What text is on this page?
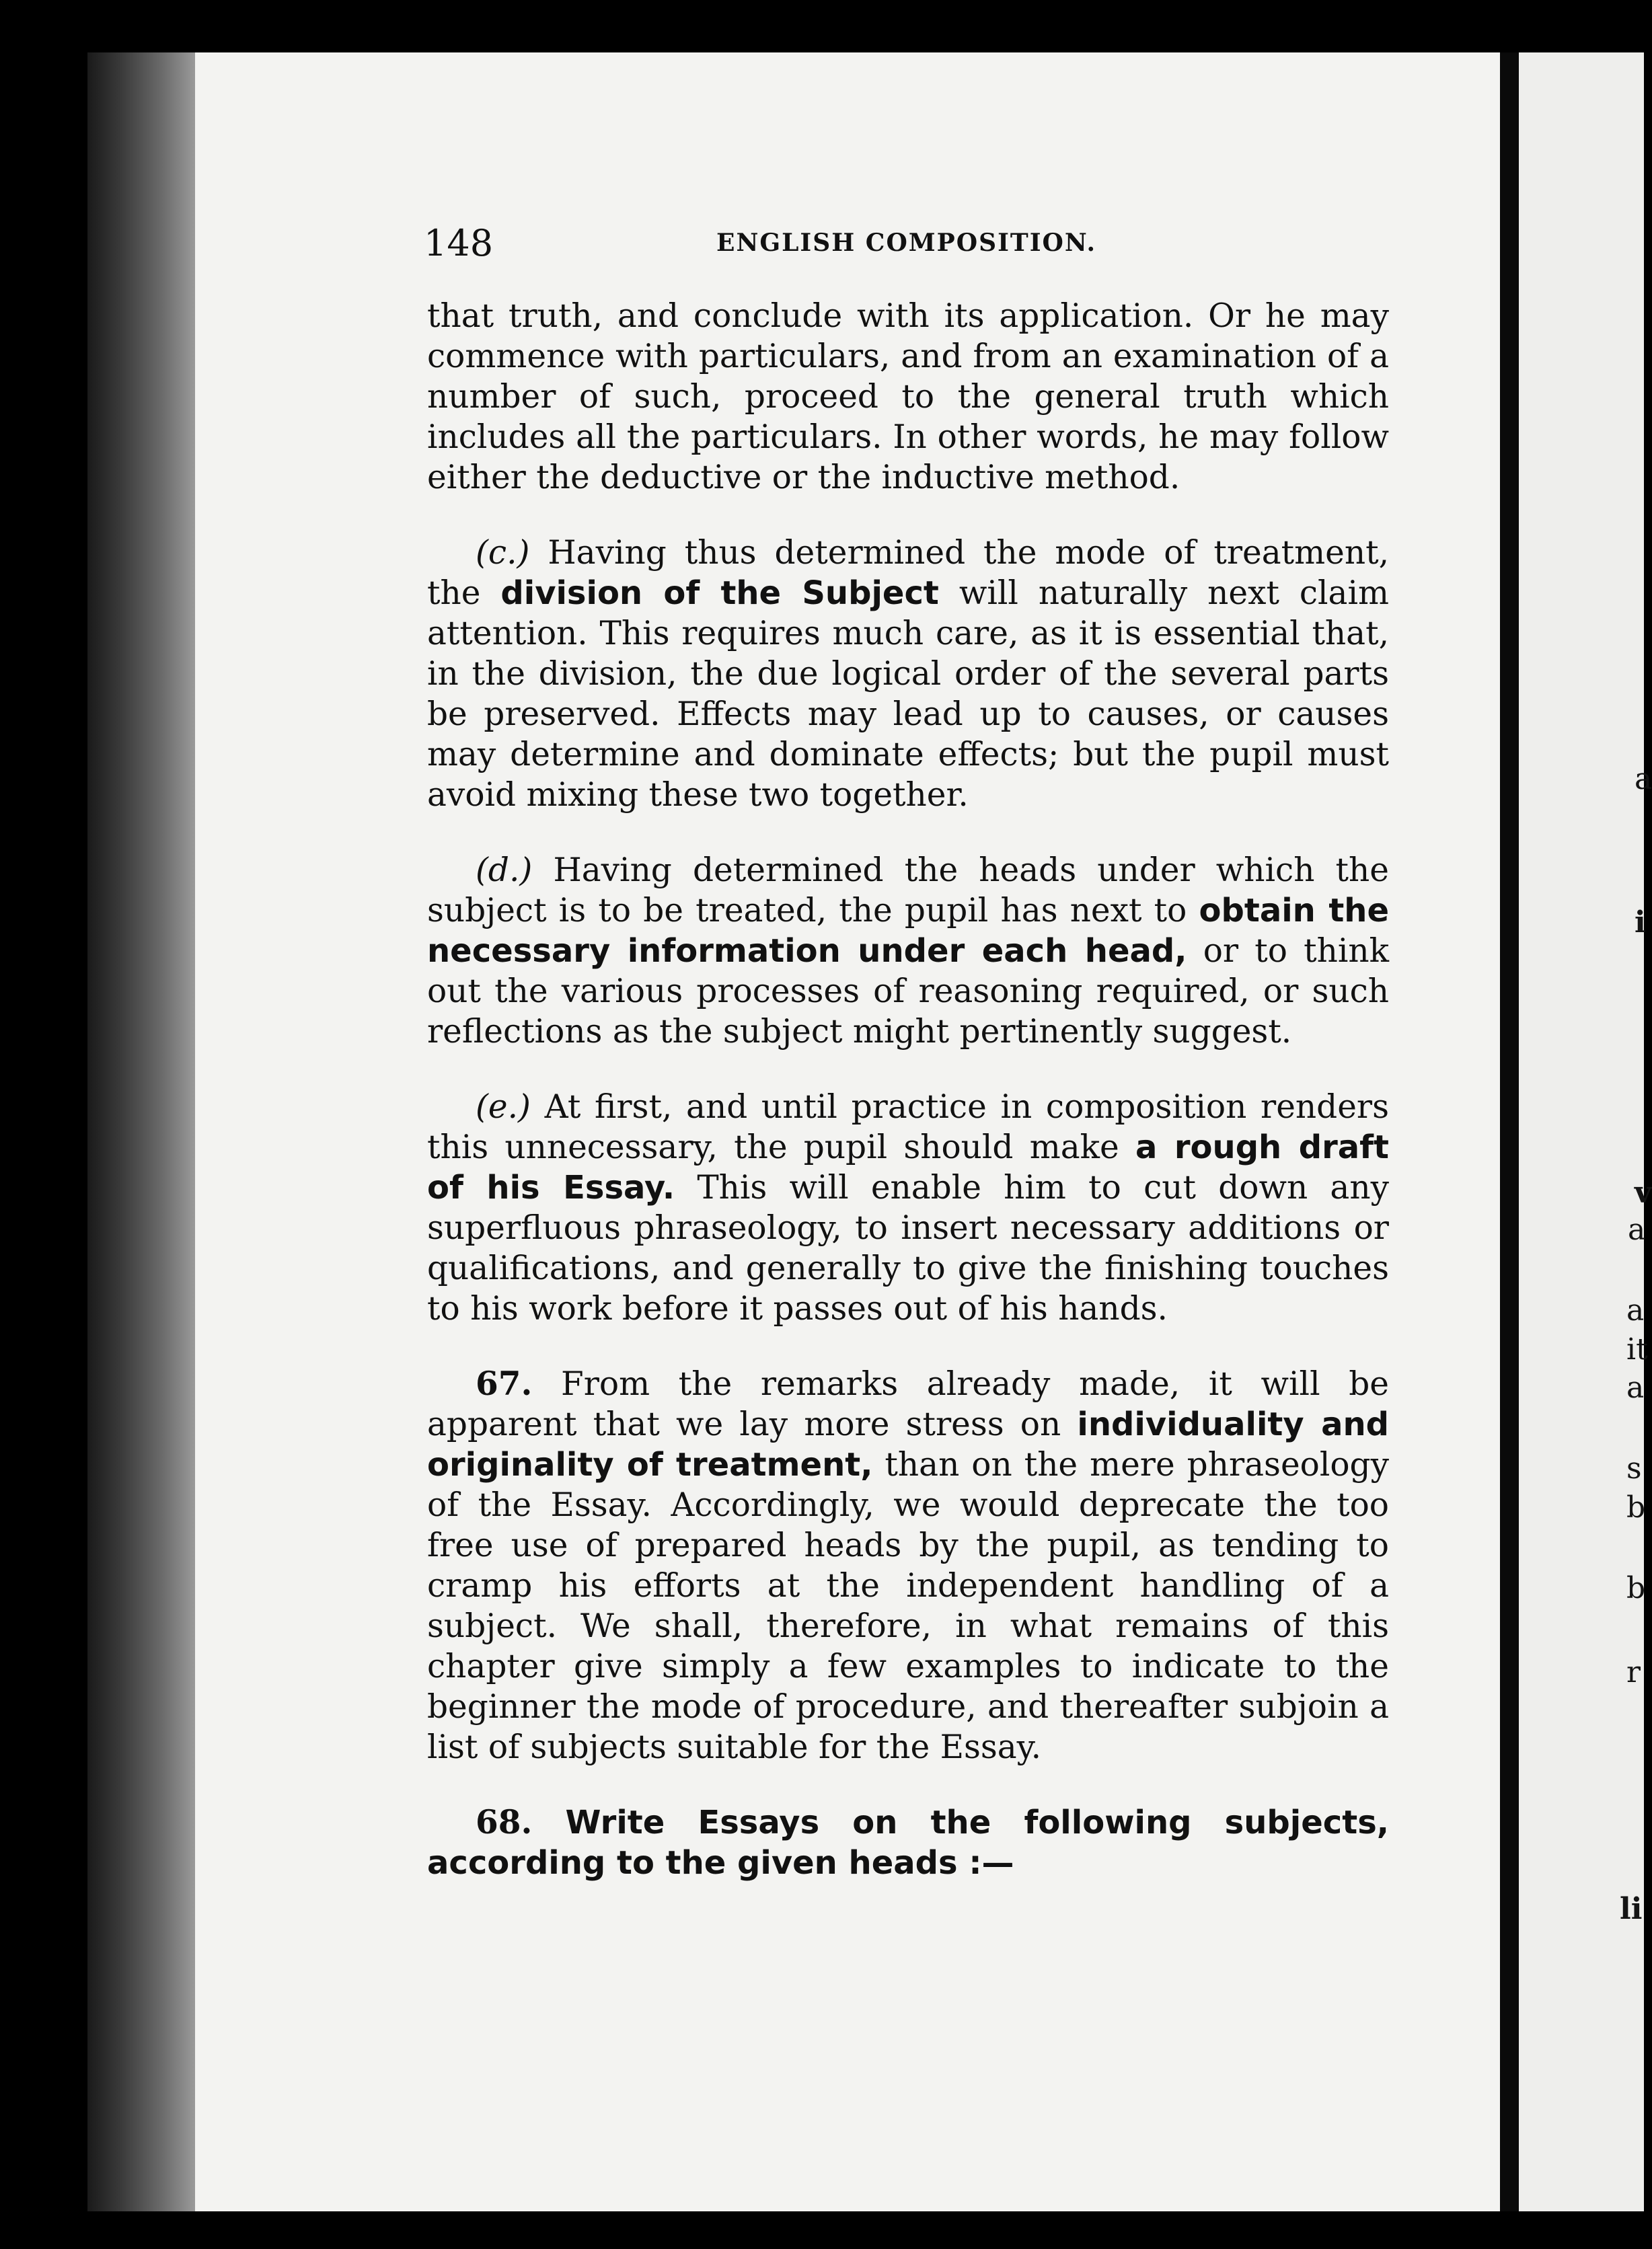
a
i
v
a
a
it
a
s
b
b
r
li
148	ENGLISH COMPOSITION.

that truth, and conclude with its application. Or he may commence with particulars, and from an examination of a number of such, proceed to the general truth which includes all the particulars. In other words, he may follow either the deductive or the inductive method.

(c.) Having thus determined the mode of treatment, the division of the Subject will naturally next claim attention. This requires much care, as it is essential that, in the division, the due logical order of the several parts be preserved. Effects may lead up to causes, or causes may determine and dominate effects; but the pupil must avoid mixing these two together.

(d.) Having determined the heads under which the subject is to be treated, the pupil has next to obtain the necessary information under each head, or to think out the various processes of reasoning required, or such reflections as the subject might pertinently suggest.

(e.) At first, and until practice in composition renders this unnecessary, the pupil should make a rough draft of his Essay. This will enable him to cut down any superfluous phraseology, to insert necessary additions or qualifications, and generally to give the finishing touches to his work before it passes out of his hands.

67. From the remarks already made, it will be apparent that we lay more stress on individuality and originality of treatment, than on the mere phraseology of the Essay. Accordingly, we would deprecate the too free use of prepared heads by the pupil, as tending to cramp his efforts at the independent handling of a subject. We shall, therefore, in what remains of this chapter give simply a few examples to indicate to the beginner the mode of procedure, and thereafter subjoin a list of subjects suitable for the Essay.

68. Write Essays on the following subjects, according to the given heads :—
